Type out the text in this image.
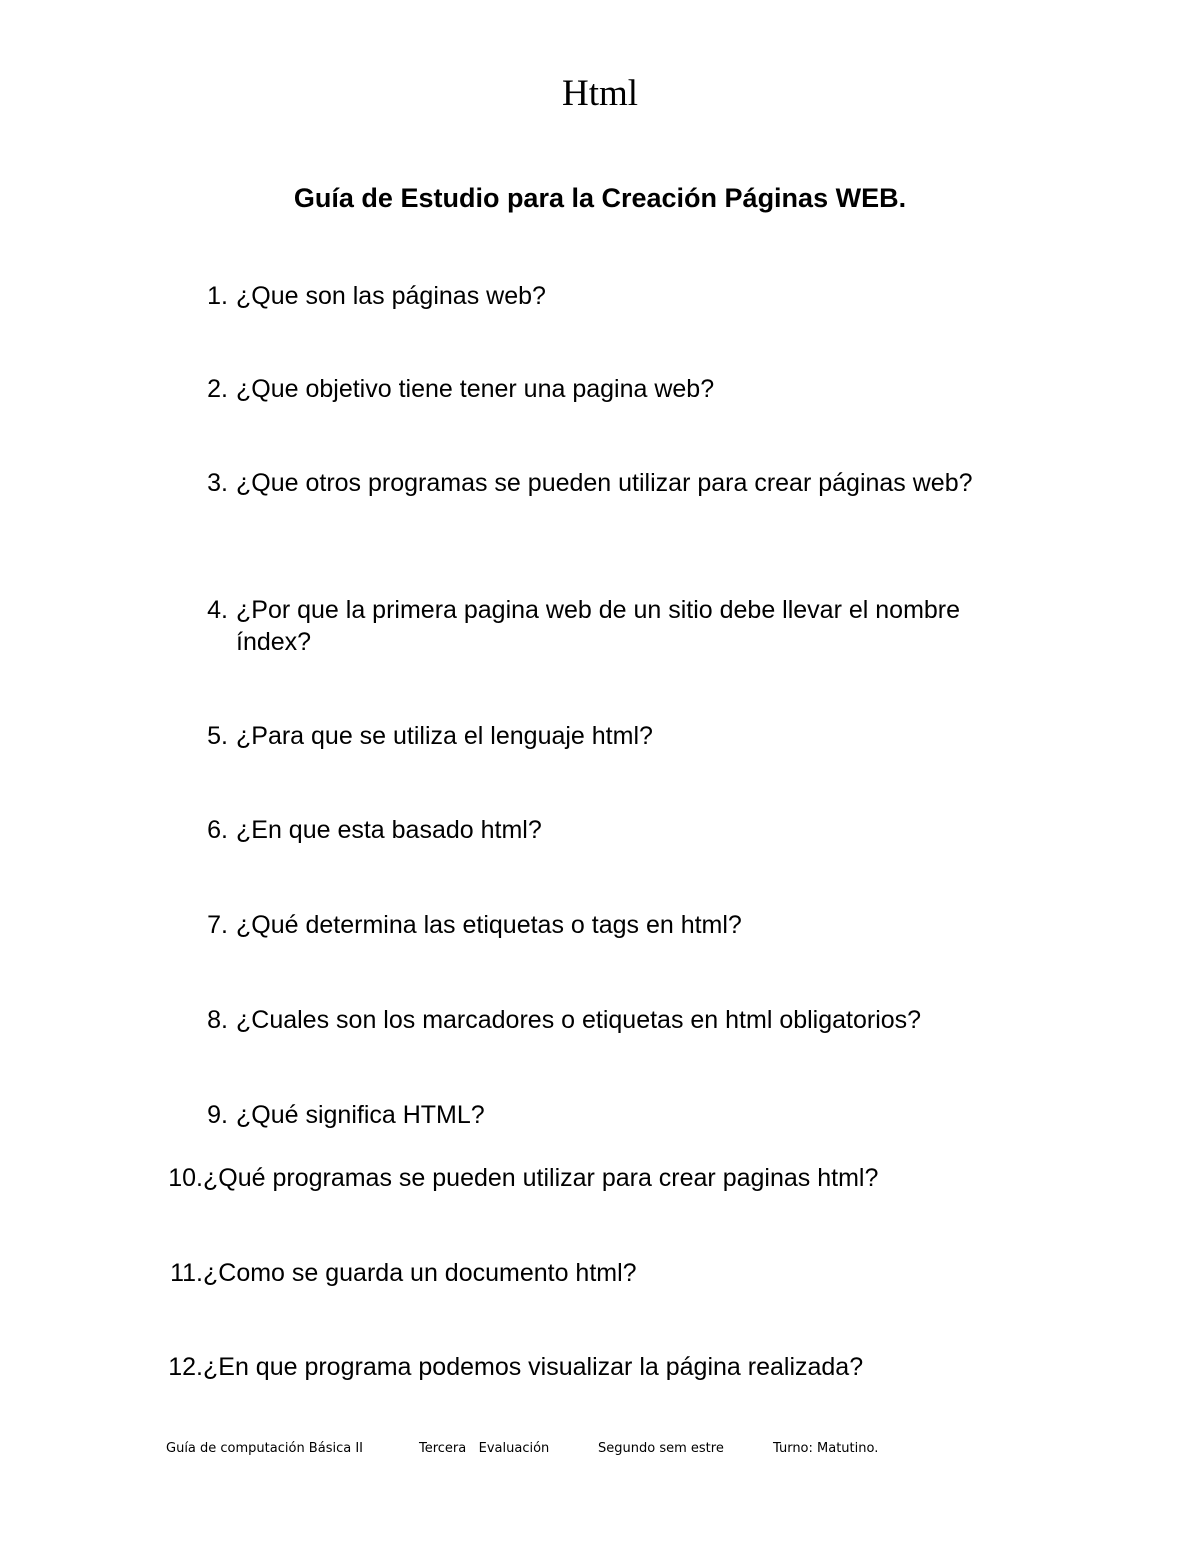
Html
Guía de Estudio para la Creación Páginas WEB.
1. ¿Que son las páginas web?
2. ¿Que objetivo tiene tener una pagina web?
3. ¿Que otros programas se pueden utilizar para crear páginas web?
4. ¿Por que la primera pagina web de un sitio debe llevar el nombre índex?
5. ¿Para que se utiliza el lenguaje html?
6. ¿En que esta basado html?
7. ¿Qué determina las etiquetas o tags en html?
8. ¿Cuales son los marcadores o etiquetas en html obligatorios?
9. ¿Qué significa HTML?
10. ¿Qué programas se pueden utilizar para crear paginas html?
11. ¿Como se guarda un documento html?
12. ¿En que programa podemos visualizar la página realizada?
Guía de computación Básica II	Tercera   Evaluación	Segundo sem estre	Turno: Matutino.
